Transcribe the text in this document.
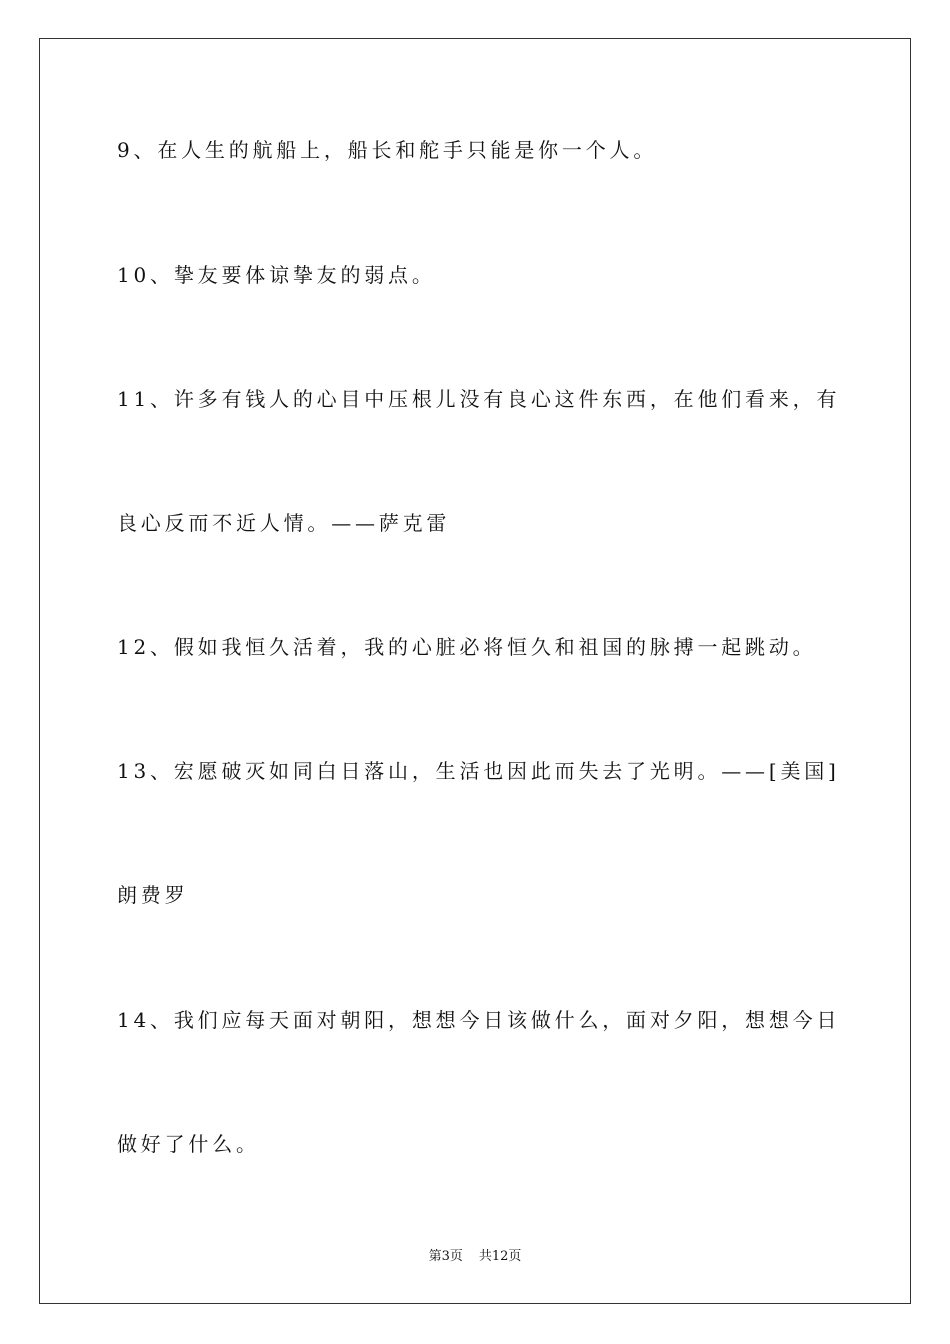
9、在人生的航船上，船长和舵手只能是你一个人。

10、挚友要体谅挚友的弱点。

11、许多有钱人的心目中压根儿没有良心这件东西，在他们看来，有

良心反而不近人情。——萨克雷

12、假如我恒久活着，我的心脏必将恒久和祖国的脉搏一起跳动。

13、宏愿破灭如同白日落山，生活也因此而失去了光明。——[美国]

朗费罗

14、我们应每天面对朝阳，想想今日该做什么，面对夕阳，想想今日

做好了什么。

第3页 共12页
